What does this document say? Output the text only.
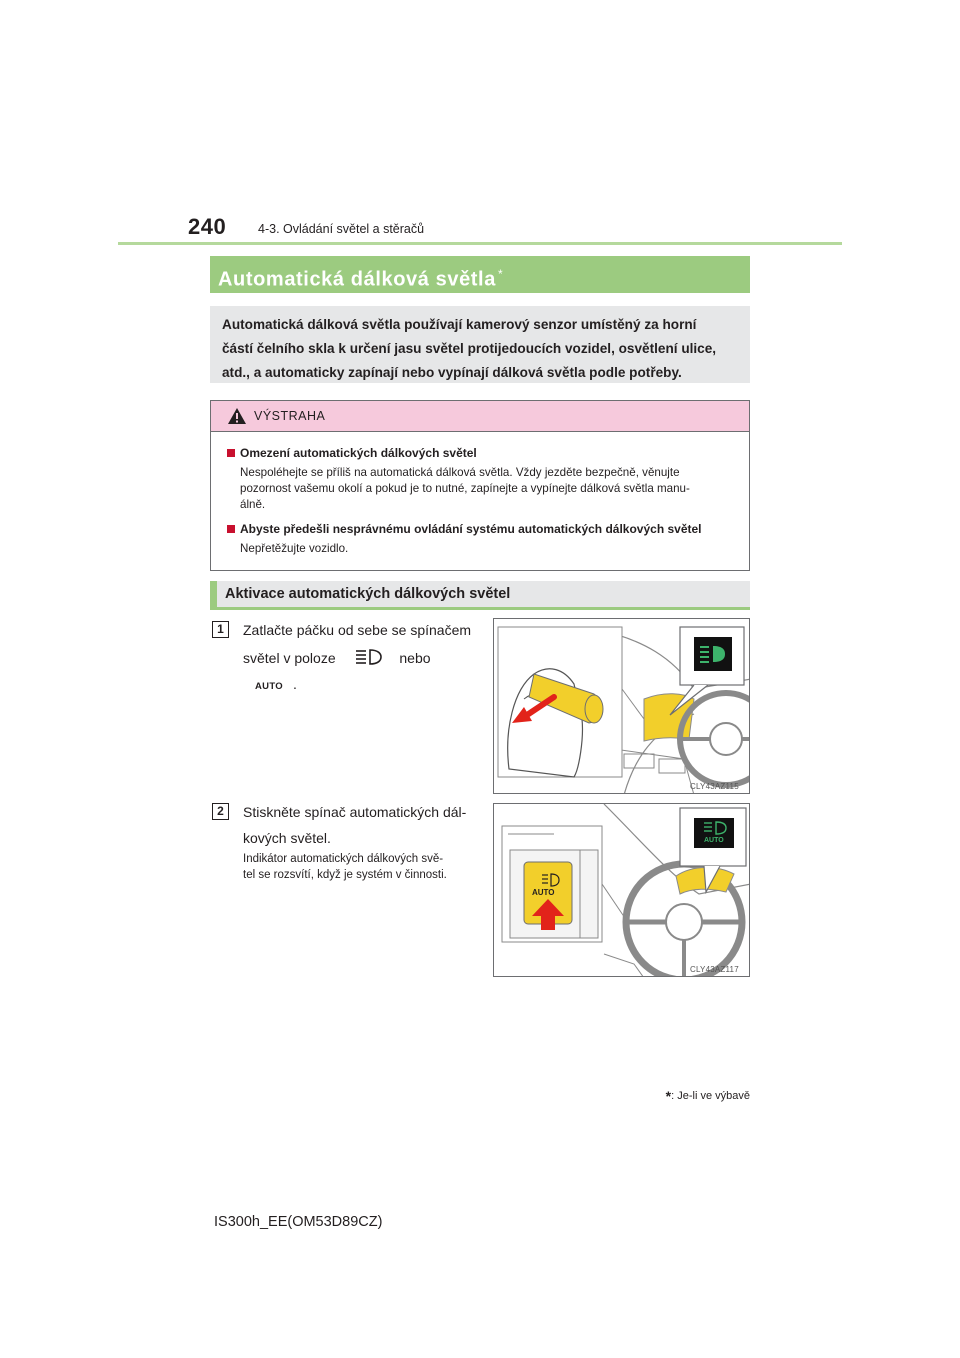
240	4-3. Ovládání světel a stěračů
Automatická dálková světla *
Automatická dálková světla používají kamerový senzor umístěný za horní
částí čelního skla k určení jasu světel protijedoucích vozidel, osvětlení ulice,
atd., a automaticky zapínají nebo vypínají dálková světla podle potřeby.
VÝSTRAHA
Omezení automatických dálkových světel
Nespoléhejte se příliš na automatická dálková světla. Vždy jezděte bezpečně, věnujte
pozornost vašemu okolí a pokud je to nutné, zapínejte a vypínejte dálková světla manu-
álně.
Abyste předešli nesprávnému ovládání systému automatických dálkových světel
Nepřetěžujte vozidlo.
Aktivace automatických dálkových světel
1	Zatlačte páčku od sebe se spínačem
světel v poloze	nebo AUTO .
CLY43AZ115
2	Stiskněte spínač automatických dál-
kových světel.
Indikátor automatických dálkových svě-
tel se rozsvítí, když je systém v činnosti.
AUTO
AUTO
CLY43AZ117
*: Je-li ve výbavě
IS300h_EE(OM53D89CZ)
